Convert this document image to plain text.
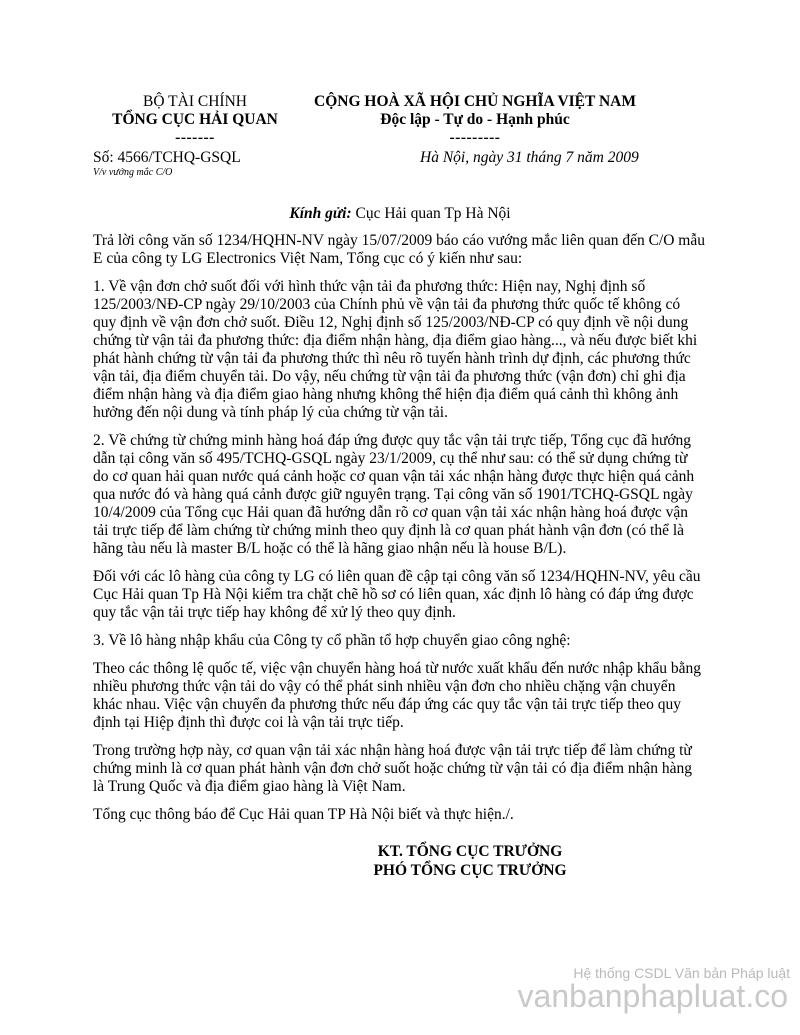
BỘ TÀI CHÍNH
TỔNG CỤC HẢI QUAN
-------
CỘNG HOÀ XÃ HỘI CHỦ NGHĨA VIỆT NAM
Độc lập - Tự do - Hạnh phúc
---------
Số: 4566/TCHQ-GSQL
V/v vướng mắc C/O
Hà Nội, ngày 31 tháng 7 năm 2009
Kính gửi: Cục Hải quan Tp Hà Nội

Trả lời công văn số 1234/HQHN-NV ngày 15/07/2009 báo cáo vướng mắc liên quan đến C/O mẫu E của công ty LG Electronics Việt Nam, Tổng cục có ý kiến như sau:

1. Về vận đơn chở suốt đối với hình thức vận tải đa phương thức: Hiện nay, Nghị định số 125/2003/NĐ-CP ngày 29/10/2003 của Chính phủ về vận tải đa phương thức quốc tế không có quy định về vận đơn chở suốt. Điều 12, Nghị định số 125/2003/NĐ-CP có quy định về nội dung chứng từ vận tải đa phương thức: địa điểm nhận hàng, địa điểm giao hàng..., và nếu được biết khi phát hành chứng từ vận tải đa phương thức thì nêu rõ tuyến hành trình dự định, các phương thức vận tải, địa điểm chuyển tải. Do vậy, nếu chứng từ vận tải đa phương thức (vận đơn) chỉ ghi địa điểm nhận hàng và địa điểm giao hàng nhưng không thể hiện địa điểm quá cảnh thì không ảnh hưởng đến nội dung và tính pháp lý của chứng từ vận tải.

2. Về chứng từ chứng minh hàng hoá đáp ứng được quy tắc vận tải trực tiếp, Tổng cục đã hướng dẫn tại công văn số 495/TCHQ-GSQL ngày 23/1/2009, cụ thể như sau: có thể sử dụng chứng từ do cơ quan hải quan nước quá cảnh hoặc cơ quan vận tải xác nhận hàng được thực hiện quá cảnh qua nước đó và hàng quá cảnh được giữ nguyên trạng. Tại công văn số 1901/TCHQ-GSQL ngày 10/4/2009 của Tổng cục Hải quan đã hướng dẫn rõ cơ quan vận tải xác nhận hàng hoá được vận tải trực tiếp để làm chứng từ chứng minh theo quy định là cơ quan phát hành vận đơn (có thể là hãng tàu nếu là master B/L hoặc có thể là hãng giao nhận nếu là house B/L).

Đối với các lô hàng của công ty LG có liên quan đề cập tại công văn số 1234/HQHN-NV, yêu cầu Cục Hải quan Tp Hà Nội kiểm tra chặt chẽ hồ sơ có liên quan, xác định lô hàng có đáp ứng được quy tắc vận tải trực tiếp hay không để xử lý theo quy định.

3. Về lô hàng nhập khẩu của Công ty cổ phần tổ hợp chuyển giao công nghệ:

Theo các thông lệ quốc tế, việc vận chuyển hàng hoá từ nước xuất khẩu đến nước nhập khẩu bằng nhiều phương thức vận tải do vậy có thể phát sinh nhiều vận đơn cho nhiều chặng vận chuyển khác nhau. Việc vận chuyển đa phương thức nếu đáp ứng các quy tắc vận tải trực tiếp theo quy định tại Hiệp định thì được coi là vận tải trực tiếp.

Trong trường hợp này, cơ quan vận tải xác nhận hàng hoá được vận tải trực tiếp để làm chứng từ chứng minh là cơ quan phát hành vận đơn chở suốt hoặc chứng từ vận tải có địa điểm nhận hàng là Trung Quốc và địa điểm giao hàng là Việt Nam.

Tổng cục thông báo để Cục Hải quan TP Hà Nội biết và thực hiện./.

KT. TỔNG CỤC TRƯỞNG
PHÓ TỔNG CỤC TRƯỞNG
Hệ thống CSDL Văn bản Pháp luật
vanbanphapluat.co
